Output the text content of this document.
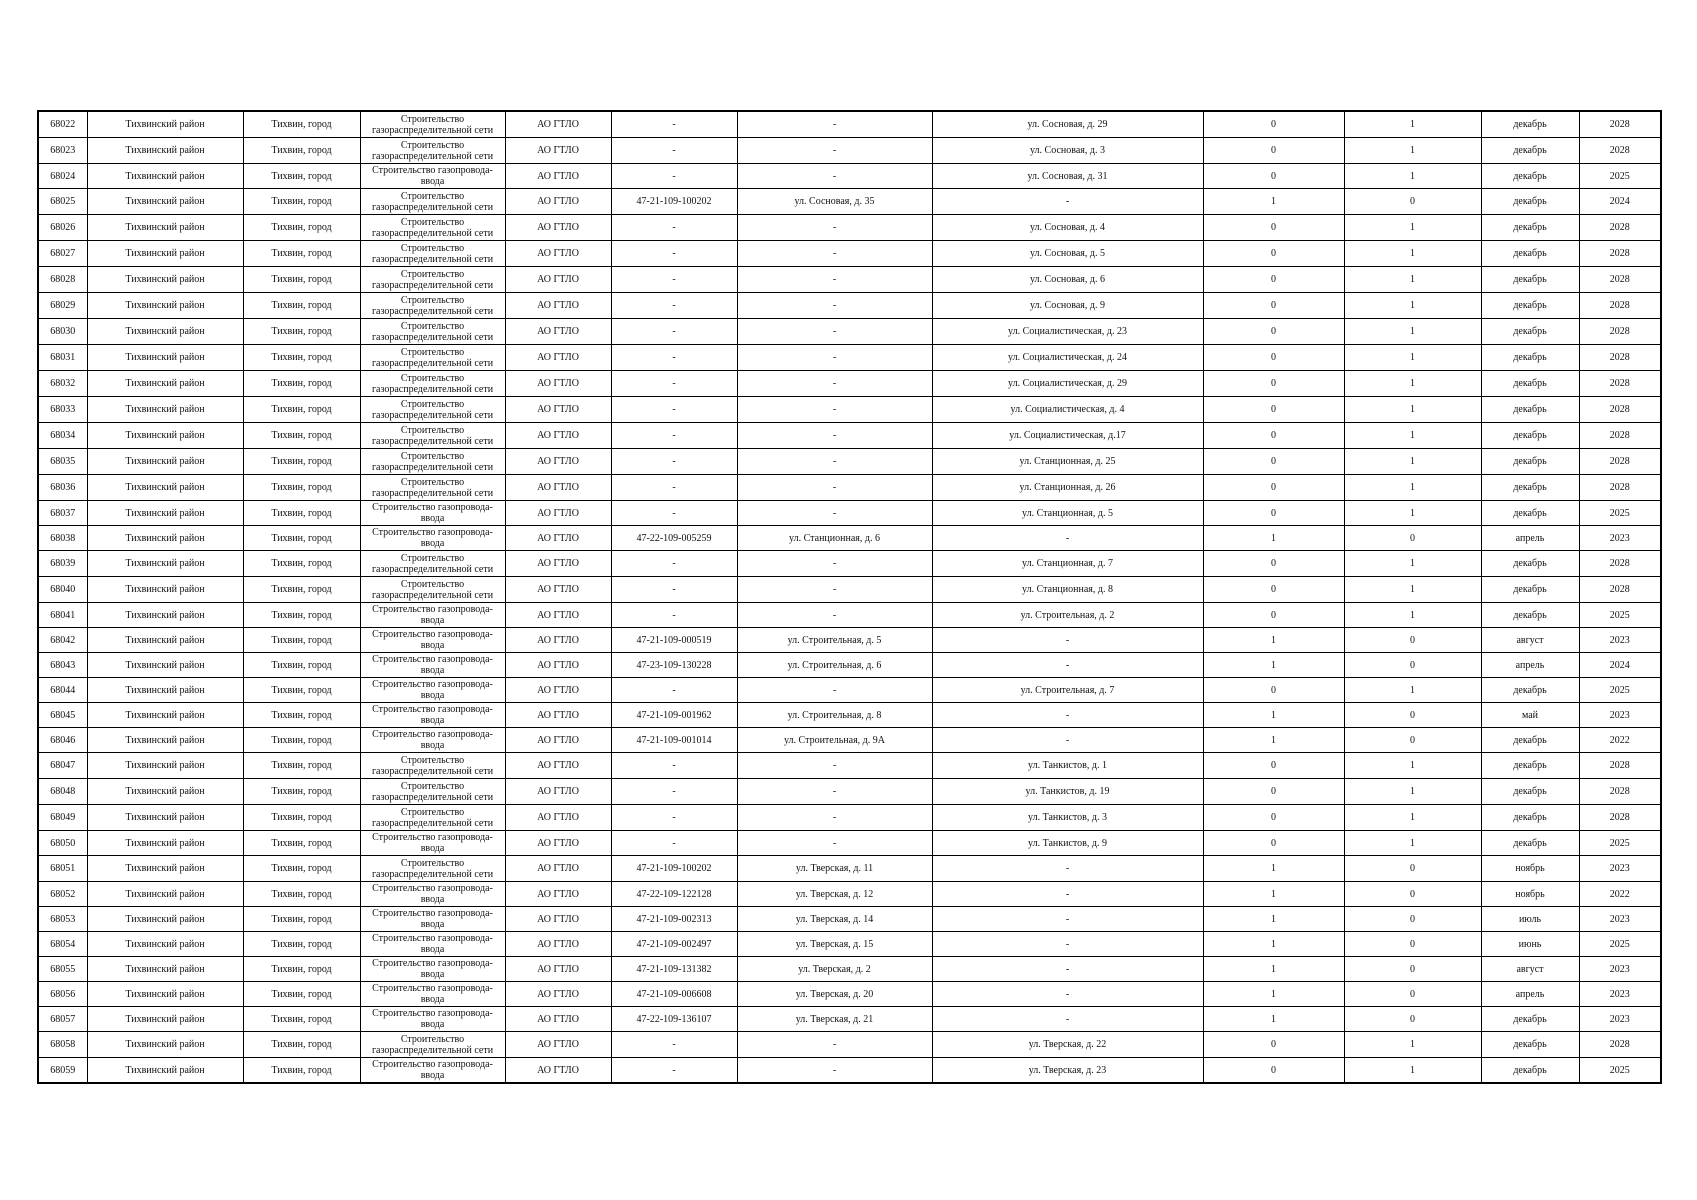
68022	Тихвинский район	Тихвин, город	Строительство газораспределительной сети	АО ГТЛО	-	-	ул. Сосновая, д. 29	0	1	декабрь	2028
68023	Тихвинский район	Тихвин, город	Строительство газораспределительной сети	АО ГТЛО	-	-	ул. Сосновая, д. 3	0	1	декабрь	2028
68024	Тихвинский район	Тихвин, город	Строительство газопровода-ввода	АО ГТЛО	-	-	ул. Сосновая, д. 31	0	1	декабрь	2025
68025	Тихвинский район	Тихвин, город	Строительство газораспределительной сети	АО ГТЛО	47-21-109-100202	ул. Сосновая, д. 35	-	1	0	декабрь	2024
68026	Тихвинский район	Тихвин, город	Строительство газораспределительной сети	АО ГТЛО	-	-	ул. Сосновая, д. 4	0	1	декабрь	2028
68027	Тихвинский район	Тихвин, город	Строительство газораспределительной сети	АО ГТЛО	-	-	ул. Сосновая, д. 5	0	1	декабрь	2028
68028	Тихвинский район	Тихвин, город	Строительство газораспределительной сети	АО ГТЛО	-	-	ул. Сосновая, д. 6	0	1	декабрь	2028
68029	Тихвинский район	Тихвин, город	Строительство газораспределительной сети	АО ГТЛО	-	-	ул. Сосновая, д. 9	0	1	декабрь	2028
68030	Тихвинский район	Тихвин, город	Строительство газораспределительной сети	АО ГТЛО	-	-	ул. Социалистическая, д. 23	0	1	декабрь	2028
68031	Тихвинский район	Тихвин, город	Строительство газораспределительной сети	АО ГТЛО	-	-	ул. Социалистическая, д. 24	0	1	декабрь	2028
68032	Тихвинский район	Тихвин, город	Строительство газораспределительной сети	АО ГТЛО	-	-	ул. Социалистическая, д. 29	0	1	декабрь	2028
68033	Тихвинский район	Тихвин, город	Строительство газораспределительной сети	АО ГТЛО	-	-	ул. Социалистическая, д. 4	0	1	декабрь	2028
68034	Тихвинский район	Тихвин, город	Строительство газораспределительной сети	АО ГТЛО	-	-	ул. Социалистическая, д.17	0	1	декабрь	2028
68035	Тихвинский район	Тихвин, город	Строительство газораспределительной сети	АО ГТЛО	-	-	ул. Станционная, д. 25	0	1	декабрь	2028
68036	Тихвинский район	Тихвин, город	Строительство газораспределительной сети	АО ГТЛО	-	-	ул. Станционная, д. 26	0	1	декабрь	2028
68037	Тихвинский район	Тихвин, город	Строительство газопровода-ввода	АО ГТЛО	-	-	ул. Станционная, д. 5	0	1	декабрь	2025
68038	Тихвинский район	Тихвин, город	Строительство газопровода-ввода	АО ГТЛО	47-22-109-005259	ул. Станционная, д. 6	-	1	0	апрель	2023
68039	Тихвинский район	Тихвин, город	Строительство газораспределительной сети	АО ГТЛО	-	-	ул. Станционная, д. 7	0	1	декабрь	2028
68040	Тихвинский район	Тихвин, город	Строительство газораспределительной сети	АО ГТЛО	-	-	ул. Станционная, д. 8	0	1	декабрь	2028
68041	Тихвинский район	Тихвин, город	Строительство газопровода-ввода	АО ГТЛО	-	-	ул. Строительная, д. 2	0	1	декабрь	2025
68042	Тихвинский район	Тихвин, город	Строительство газопровода-ввода	АО ГТЛО	47-21-109-000519	ул. Строительная, д. 5	-	1	0	август	2023
68043	Тихвинский район	Тихвин, город	Строительство газопровода-ввода	АО ГТЛО	47-23-109-130228	ул. Строительная, д. 6	-	1	0	апрель	2024
68044	Тихвинский район	Тихвин, город	Строительство газопровода-ввода	АО ГТЛО	-	-	ул. Строительная, д. 7	0	1	декабрь	2025
68045	Тихвинский район	Тихвин, город	Строительство газопровода-ввода	АО ГТЛО	47-21-109-001962	ул. Строительная, д. 8	-	1	0	май	2023
68046	Тихвинский район	Тихвин, город	Строительство газопровода-ввода	АО ГТЛО	47-21-109-001014	ул. Строительная, д. 9А	-	1	0	декабрь	2022
68047	Тихвинский район	Тихвин, город	Строительство газораспределительной сети	АО ГТЛО	-	-	ул. Танкистов, д. 1	0	1	декабрь	2028
68048	Тихвинский район	Тихвин, город	Строительство газораспределительной сети	АО ГТЛО	-	-	ул. Танкистов, д. 19	0	1	декабрь	2028
68049	Тихвинский район	Тихвин, город	Строительство газораспределительной сети	АО ГТЛО	-	-	ул. Танкистов, д. 3	0	1	декабрь	2028
68050	Тихвинский район	Тихвин, город	Строительство газопровода-ввода	АО ГТЛО	-	-	ул. Танкистов, д. 9	0	1	декабрь	2025
68051	Тихвинский район	Тихвин, город	Строительство газораспределительной сети	АО ГТЛО	47-21-109-100202	ул. Тверская, д. 11	-	1	0	ноябрь	2023
68052	Тихвинский район	Тихвин, город	Строительство газопровода-ввода	АО ГТЛО	47-22-109-122128	ул. Тверская, д. 12	-	1	0	ноябрь	2022
68053	Тихвинский район	Тихвин, город	Строительство газопровода-ввода	АО ГТЛО	47-21-109-002313	ул. Тверская, д. 14	-	1	0	июль	2023
68054	Тихвинский район	Тихвин, город	Строительство газопровода-ввода	АО ГТЛО	47-21-109-002497	ул. Тверская, д. 15	-	1	0	июнь	2025
68055	Тихвинский район	Тихвин, город	Строительство газопровода-ввода	АО ГТЛО	47-21-109-131382	ул. Тверская, д. 2	-	1	0	август	2023
68056	Тихвинский район	Тихвин, город	Строительство газопровода-ввода	АО ГТЛО	47-21-109-006608	ул. Тверская, д. 20	-	1	0	апрель	2023
68057	Тихвинский район	Тихвин, город	Строительство газопровода-ввода	АО ГТЛО	47-22-109-136107	ул. Тверская, д. 21	-	1	0	декабрь	2023
68058	Тихвинский район	Тихвин, город	Строительство газораспределительной сети	АО ГТЛО	-	-	ул. Тверская, д. 22	0	1	декабрь	2028
68059	Тихвинский район	Тихвин, город	Строительство газопровода-ввода	АО ГТЛО	-	-	ул. Тверская, д. 23	0	1	декабрь	2025
